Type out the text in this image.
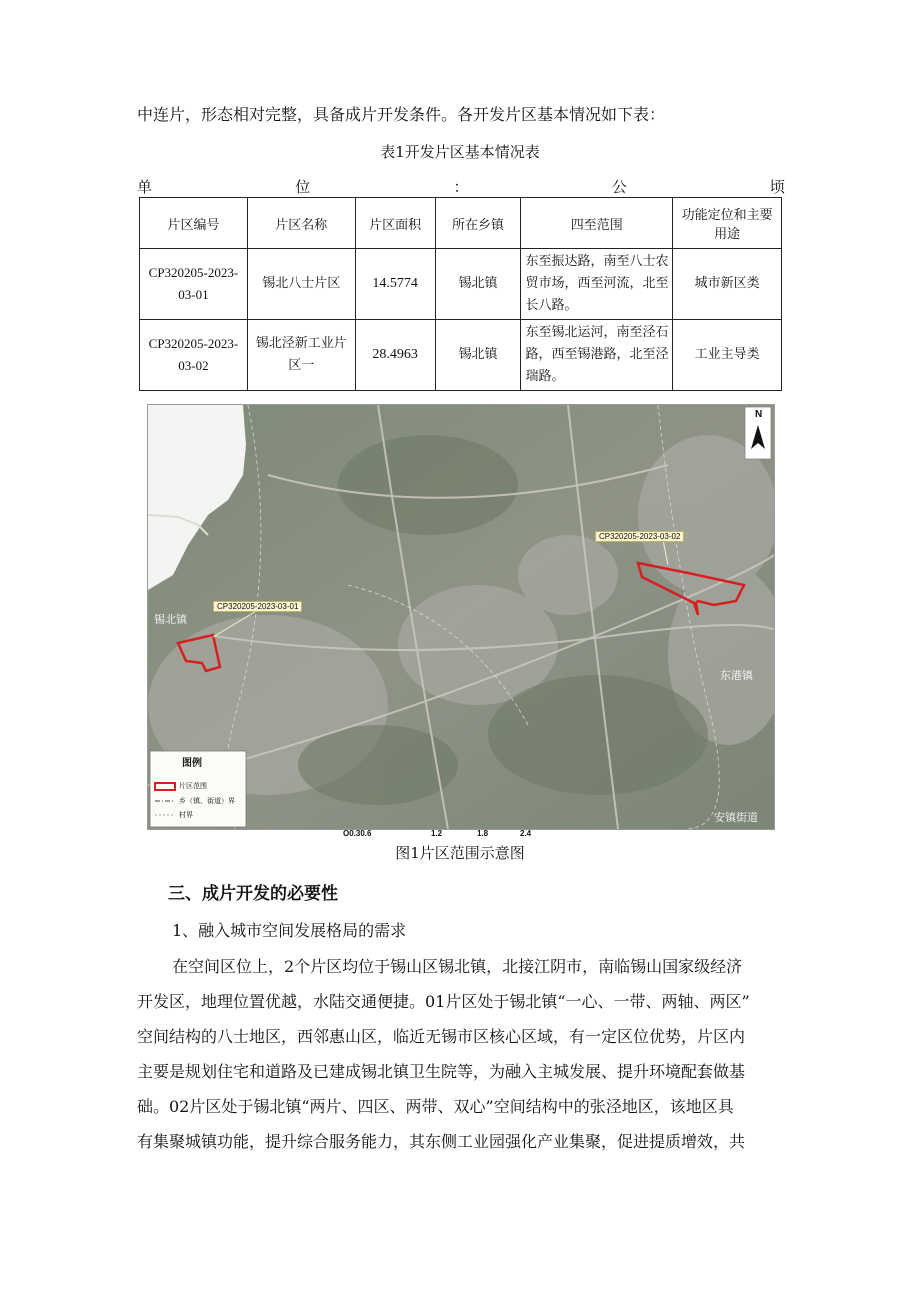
中连片，形态相对完整，具备成片开发条件。各开发片区基本情况如下表：
表1开发片区基本情况表
单	位	：	公	顷
片区编号	片区名称	片区面积	所在乡镇	四至范围	功能定位和主要用途
CP320205-2023-03-01	锡北八士片区	14.5774	锡北镇	东至振达路，南至八士农贸市场，西至河流，北至长八路。	城市新区类
CP320205-2023-03-02	锡北泾新工业片区一	28.4963	锡北镇	东至锡北运河，南至泾石路，西至锡港路，北至泾瑞路。	工业主导类
N
CP320205-2023-03-01
CP320205-2023-03-02
锡北镇
东港镇
安镇街道
图例
片区范围
乡（镇、街道）界
村界
O0.30.6	1.2	1.8	2.4
图1片区范围示意图
三、成片开发的必要性
1、融入城市空间发展格局的需求
在空间区位上，2个片区均位于锡山区锡北镇，北接江阴市，南临锡山国家级经济
开发区，地理位置优越，水陆交通便捷。01片区处于锡北镇“一心、一带、两轴、两区”
空间结构的八士地区，西邻惠山区，临近无锡市区核心区域，有一定区位优势，片区内
主要是规划住宅和道路及已建成锡北镇卫生院等，为融入主城发展、提升环境配套做基
础。02片区处于锡北镇“两片、四区、两带、双心”空间结构中的张泾地区，该地区具
有集聚城镇功能，提升综合服务能力，其东侧工业园强化产业集聚，促进提质增效，共
